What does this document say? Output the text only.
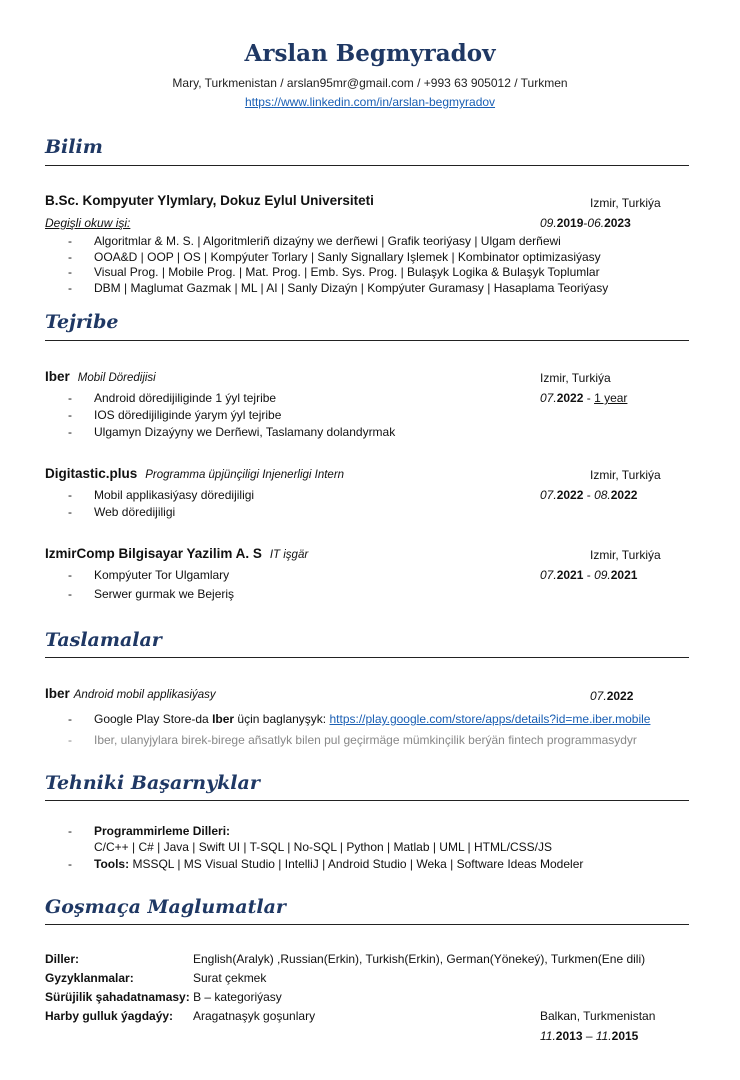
Arslan Begmyradov
Mary, Turkmenistan / arslan95mr@gmail.com / +993 63 905012 / Turkmen
https://www.linkedin.com/in/arslan-begmyradov
Bilim
B.Sc. Kompyuter Ylymlary, Dokuz Eylul Universiteti	Izmir, Turkiýa
Degişli okuw işi:	09.2019-06.2023
- Algoritmlar & M. S. | Algoritmleriñ dizaýny we derñewi | Grafik teoriýasy | Ulgam derñewi
- OOA&D | OOP | OS | Kompýuter Torlary | Sanly Signallary Işlemek | Kombinator optimizasiýasy
- Visual Prog. | Mobile Prog. | Mat. Prog. | Emb. Sys. Prog. | Bulaşyk Logika & Bulaşyk Toplumlar
- DBM | Maglumat Gazmak | ML | AI | Sanly Dizaýn | Kompýuter Guramasy | Hasaplama Teoriýasy
Tejribe
Iber Mobil Döredijisi	Izmir, Turkiýa
07.2022 - 1 year
- Android döredijiliginde 1 ýyl tejribe
- IOS döredijiliginde ýarym ýyl tejribe
- Ulgamyn Dizaýyny we Derñewi, Taslamany dolandyrmak
Digitastic.plus Programma üpjünçiligi Injenerligi Intern	Izmir, Turkiýa
07.2022 - 08.2022
- Mobil applikasiýasy döredijiligi
- Web döredijiligi
IzmirComp Bilgisayar Yazilim A. S IT işgär	Izmir, Turkiýa
07.2021 - 09.2021
- Kompýuter Tor Ulgamlary
- Serwer gurmak we Bejeriş
Taslamalar
Iber Android mobil applikasiýasy	07.2022
- Google Play Store-da Iber üçin baglanyşyk: https://play.google.com/store/apps/details?id=me.iber.mobile
- Iber, ulanyjylara birek-birege añsatlyk bilen pul geçirmäge mümkinçilik berýän fintech programmasydyr
Tehniki Başarnyklar
- Programmirleme Dilleri:
C/C++ | C# | Java | Swift UI | T-SQL | No-SQL | Python | Matlab | UML | HTML/CSS/JS
- Tools: MSSQL | MS Visual Studio | IntelliJ | Android Studio | Weka | Software Ideas Modeler
Goşmaça Maglumatlar
Diller:	English(Aralyk) ,Russian(Erkin), Turkish(Erkin), German(Yönekeý), Turkmen(Ene dili)
Gyzyklanmalar:	Surat çekmek
Sürüjilik şahadatnamasy: B – kategoriýasy
Harby gulluk ýagdaýy: Aragatnaşyk goşunlary	Balkan, Turkmenistan
11.2013 – 11.2015
